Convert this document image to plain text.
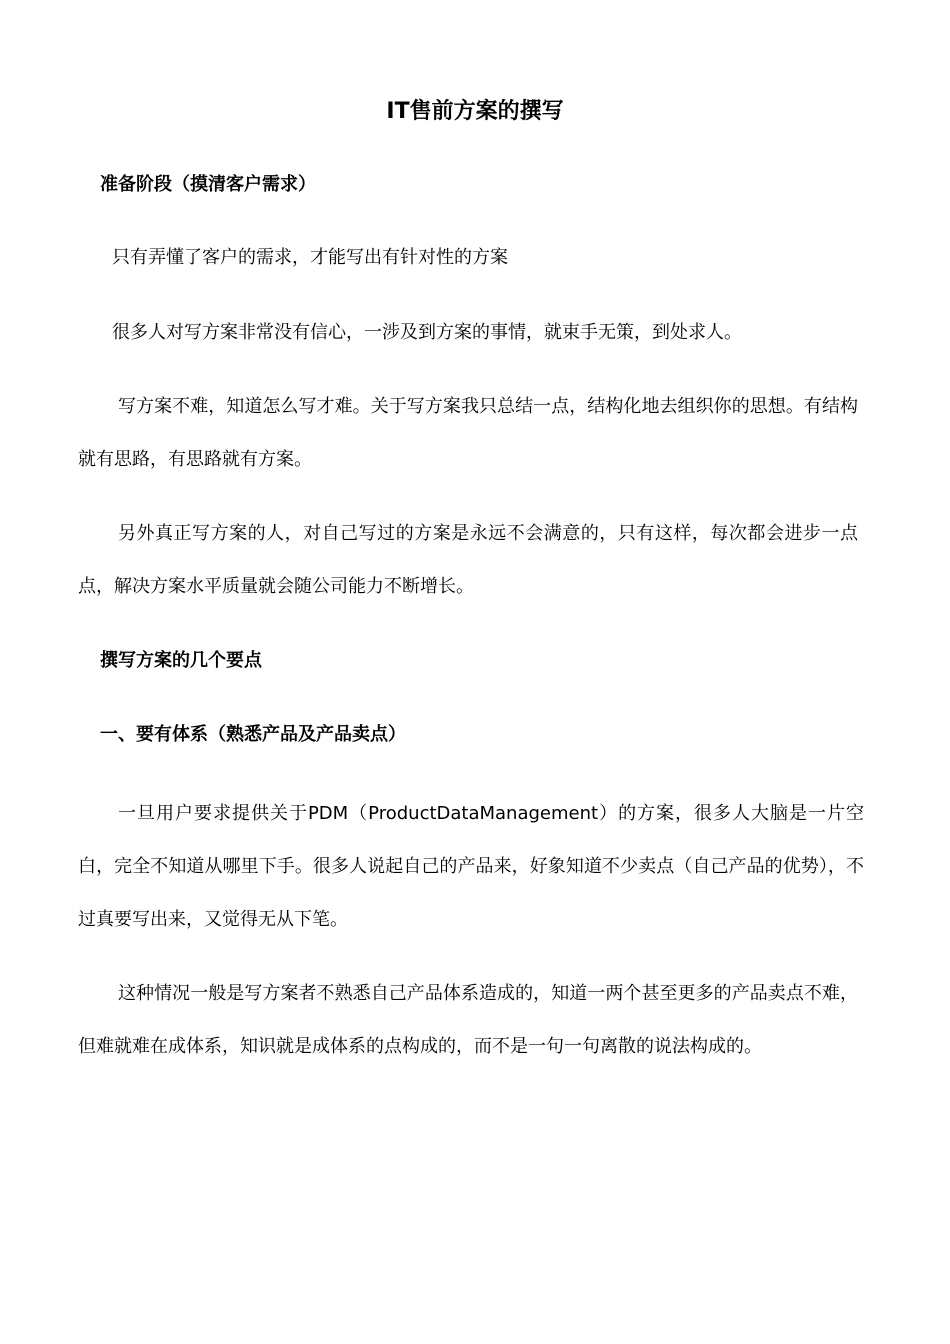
IT售前方案的撰写
准备阶段（摸清客户需求）

只有弄懂了客户的需求，才能写出有针对性的方案

很多人对写方案非常没有信心，一涉及到方案的事情，就束手无策，到处求人。

写方案不难，知道怎么写才难。关于写方案我只总结一点，结构化地去组织你的思想。有结构就有思路，有思路就有方案。

另外真正写方案的人，对自己写过的方案是永远不会满意的，只有这样，每次都会进步一点点，解决方案水平质量就会随公司能力不断增长。

撰写方案的几个要点
一、要有体系（熟悉产品及产品卖点）

一旦用户要求提供关于PDM（ProductDataManagement）的方案，很多人大脑是一片空白，完全不知道从哪里下手。很多人说起自己的产品来，好象知道不少卖点（自己产品的优势），不过真要写出来，又觉得无从下笔。

这种情况一般是写方案者不熟悉自己产品体系造成的，知道一两个甚至更多的产品卖点不难，但难就难在成体系，知识就是成体系的点构成的，而不是一句一句离散的说法构成的。
